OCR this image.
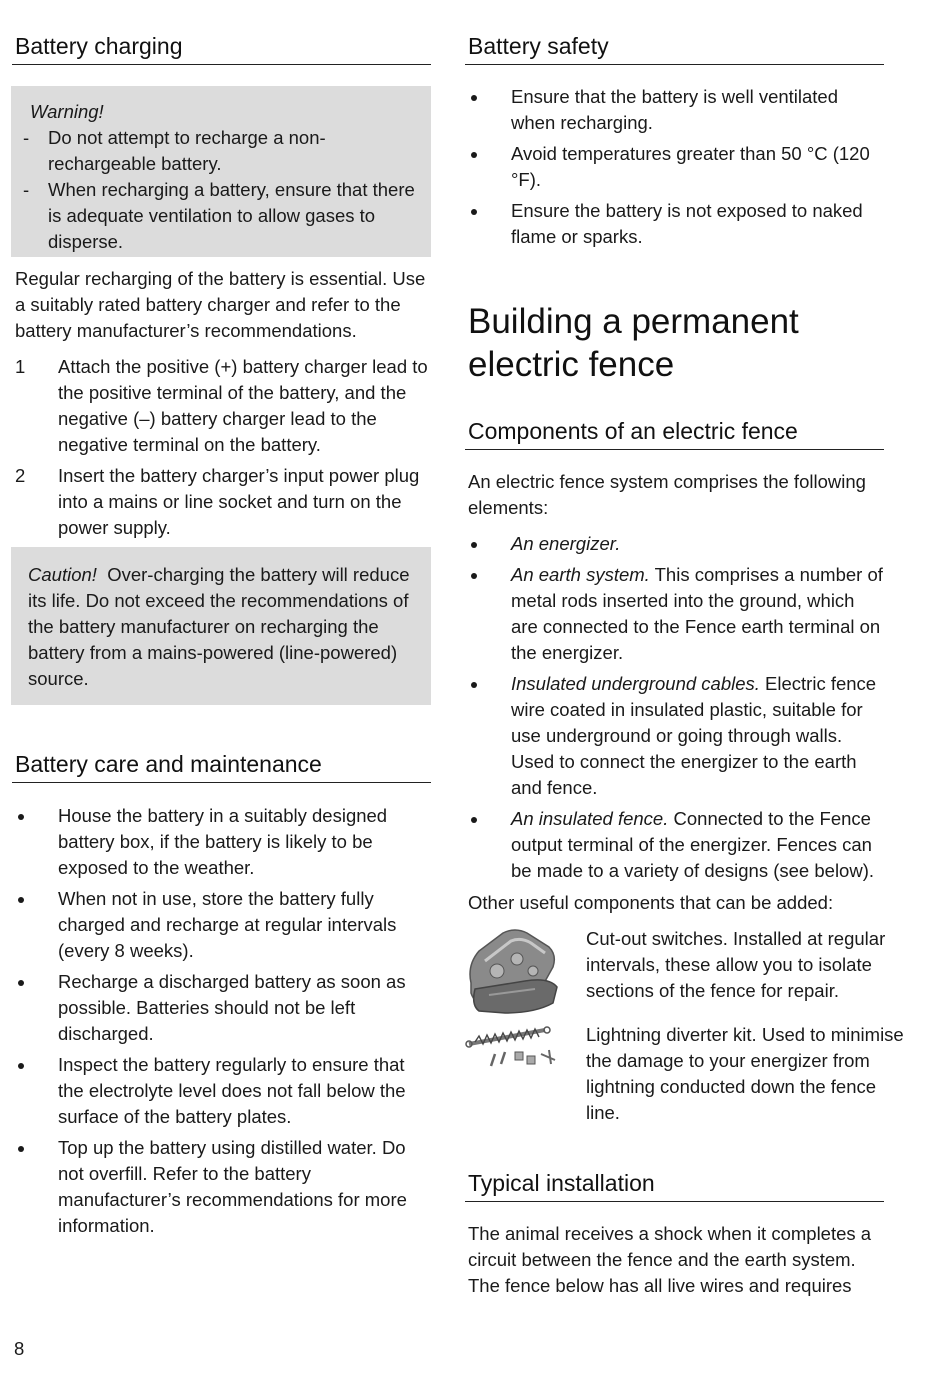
Battery charging
Warning!
- Do not attempt to recharge a non-rechargeable battery.
- When recharging a battery, ensure that there is adequate ventilation to allow gases to disperse.
Regular recharging of the battery is essential. Use a suitably rated battery charger and refer to the battery manufacturer’s recommendations.
1 Attach the positive (+) battery charger lead to the positive terminal of the battery, and the negative (–) battery charger lead to the negative terminal on the battery.
2 Insert the battery charger’s input power plug into a mains or line socket and turn on the power supply.
Caution! Over-charging the battery will reduce its life. Do not exceed the recommendations of the battery manufacturer on recharging the battery from a mains-powered (line-powered) source.
Battery care and maintenance
House the battery in a suitably designed battery box, if the battery is likely to be exposed to the weather.
When not in use, store the battery fully charged and recharge at regular intervals (every 8 weeks).
Recharge a discharged battery as soon as possible. Batteries should not be left discharged.
Inspect the battery regularly to ensure that the electrolyte level does not fall below the surface of the battery plates.
Top up the battery using distilled water. Do not overfill. Refer to the battery manufacturer’s recommendations for more information.
8
Battery safety
Ensure that the battery is well ventilated when recharging.
Avoid temperatures greater than 50 °C (120 °F).
Ensure the battery is not exposed to naked flame or sparks.
Building a permanent electric fence
Components of an electric fence
An electric fence system comprises the following elements:
An energizer.
An earth system. This comprises a number of metal rods inserted into the ground, which are connected to the Fence earth terminal on the energizer.
Insulated underground cables. Electric fence wire coated in insulated plastic, suitable for use underground or going through walls. Used to connect the energizer to the earth and fence.
An insulated fence. Connected to the Fence output terminal of the energizer. Fences can be made to a variety of designs (see below).
Other useful components that can be added:
Cut-out switches. Installed at regular intervals, these allow you to isolate sections of the fence for repair.
Lightning diverter kit. Used to minimise the damage to your energizer from lightning conducted down the fence line.
Typical installation
The animal receives a shock when it completes a circuit between the fence and the earth system. The fence below has all live wires and requires
